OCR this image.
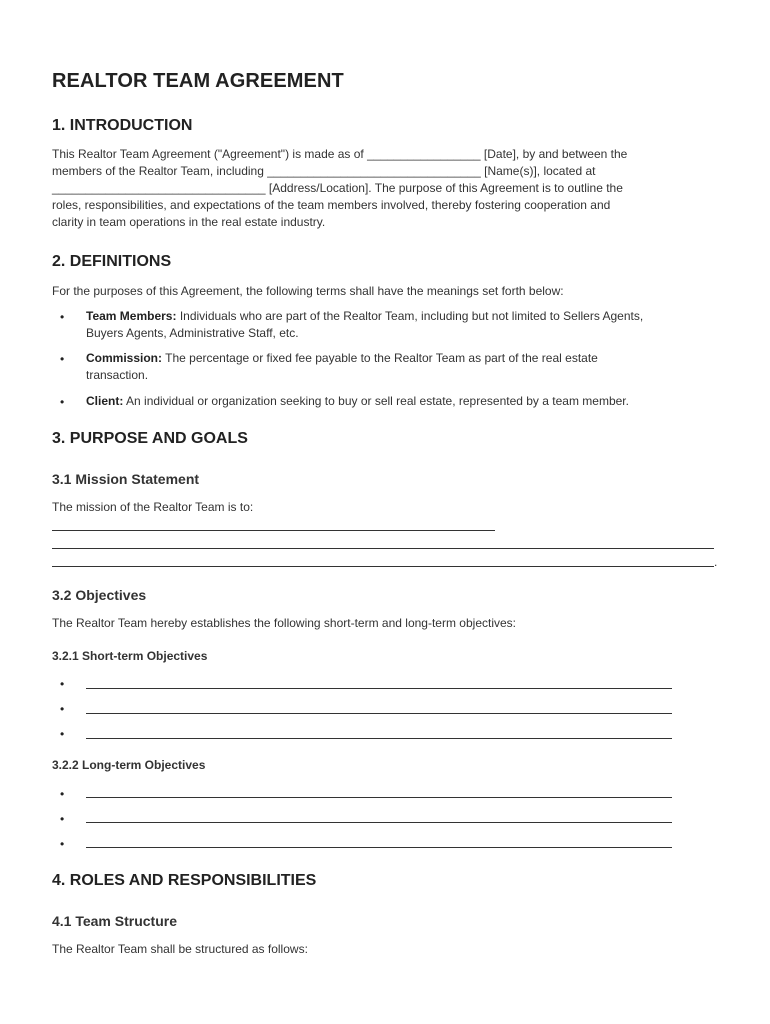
REALTOR TEAM AGREEMENT
1. INTRODUCTION
This Realtor Team Agreement ("Agreement") is made as of _________________ [Date], by and between the
members of the Realtor Team, including ________________________________ [Name(s)], located at
________________________________ [Address/Location]. The purpose of this Agreement is to outline the
roles, responsibilities, and expectations of the team members involved, thereby fostering cooperation and
clarity in team operations in the real estate industry.
2. DEFINITIONS
For the purposes of this Agreement, the following terms shall have the meanings set forth below:
• Team Members: Individuals who are part of the Realtor Team, including but not limited to Sellers Agents,
Buyers Agents, Administrative Staff, etc.
• Commission: The percentage or fixed fee payable to the Realtor Team as part of the real estate
transaction.
• Client: An individual or organization seeking to buy or sell real estate, represented by a team member.
3. PURPOSE AND GOALS
3.1 Mission Statement
The mission of the Realtor Team is to:
.
3.2 Objectives
The Realtor Team hereby establishes the following short-term and long-term objectives:
3.2.1 Short-term Objectives
•
•
•
3.2.2 Long-term Objectives
•
•
•
4. ROLES AND RESPONSIBILITIES
4.1 Team Structure
The Realtor Team shall be structured as follows:
